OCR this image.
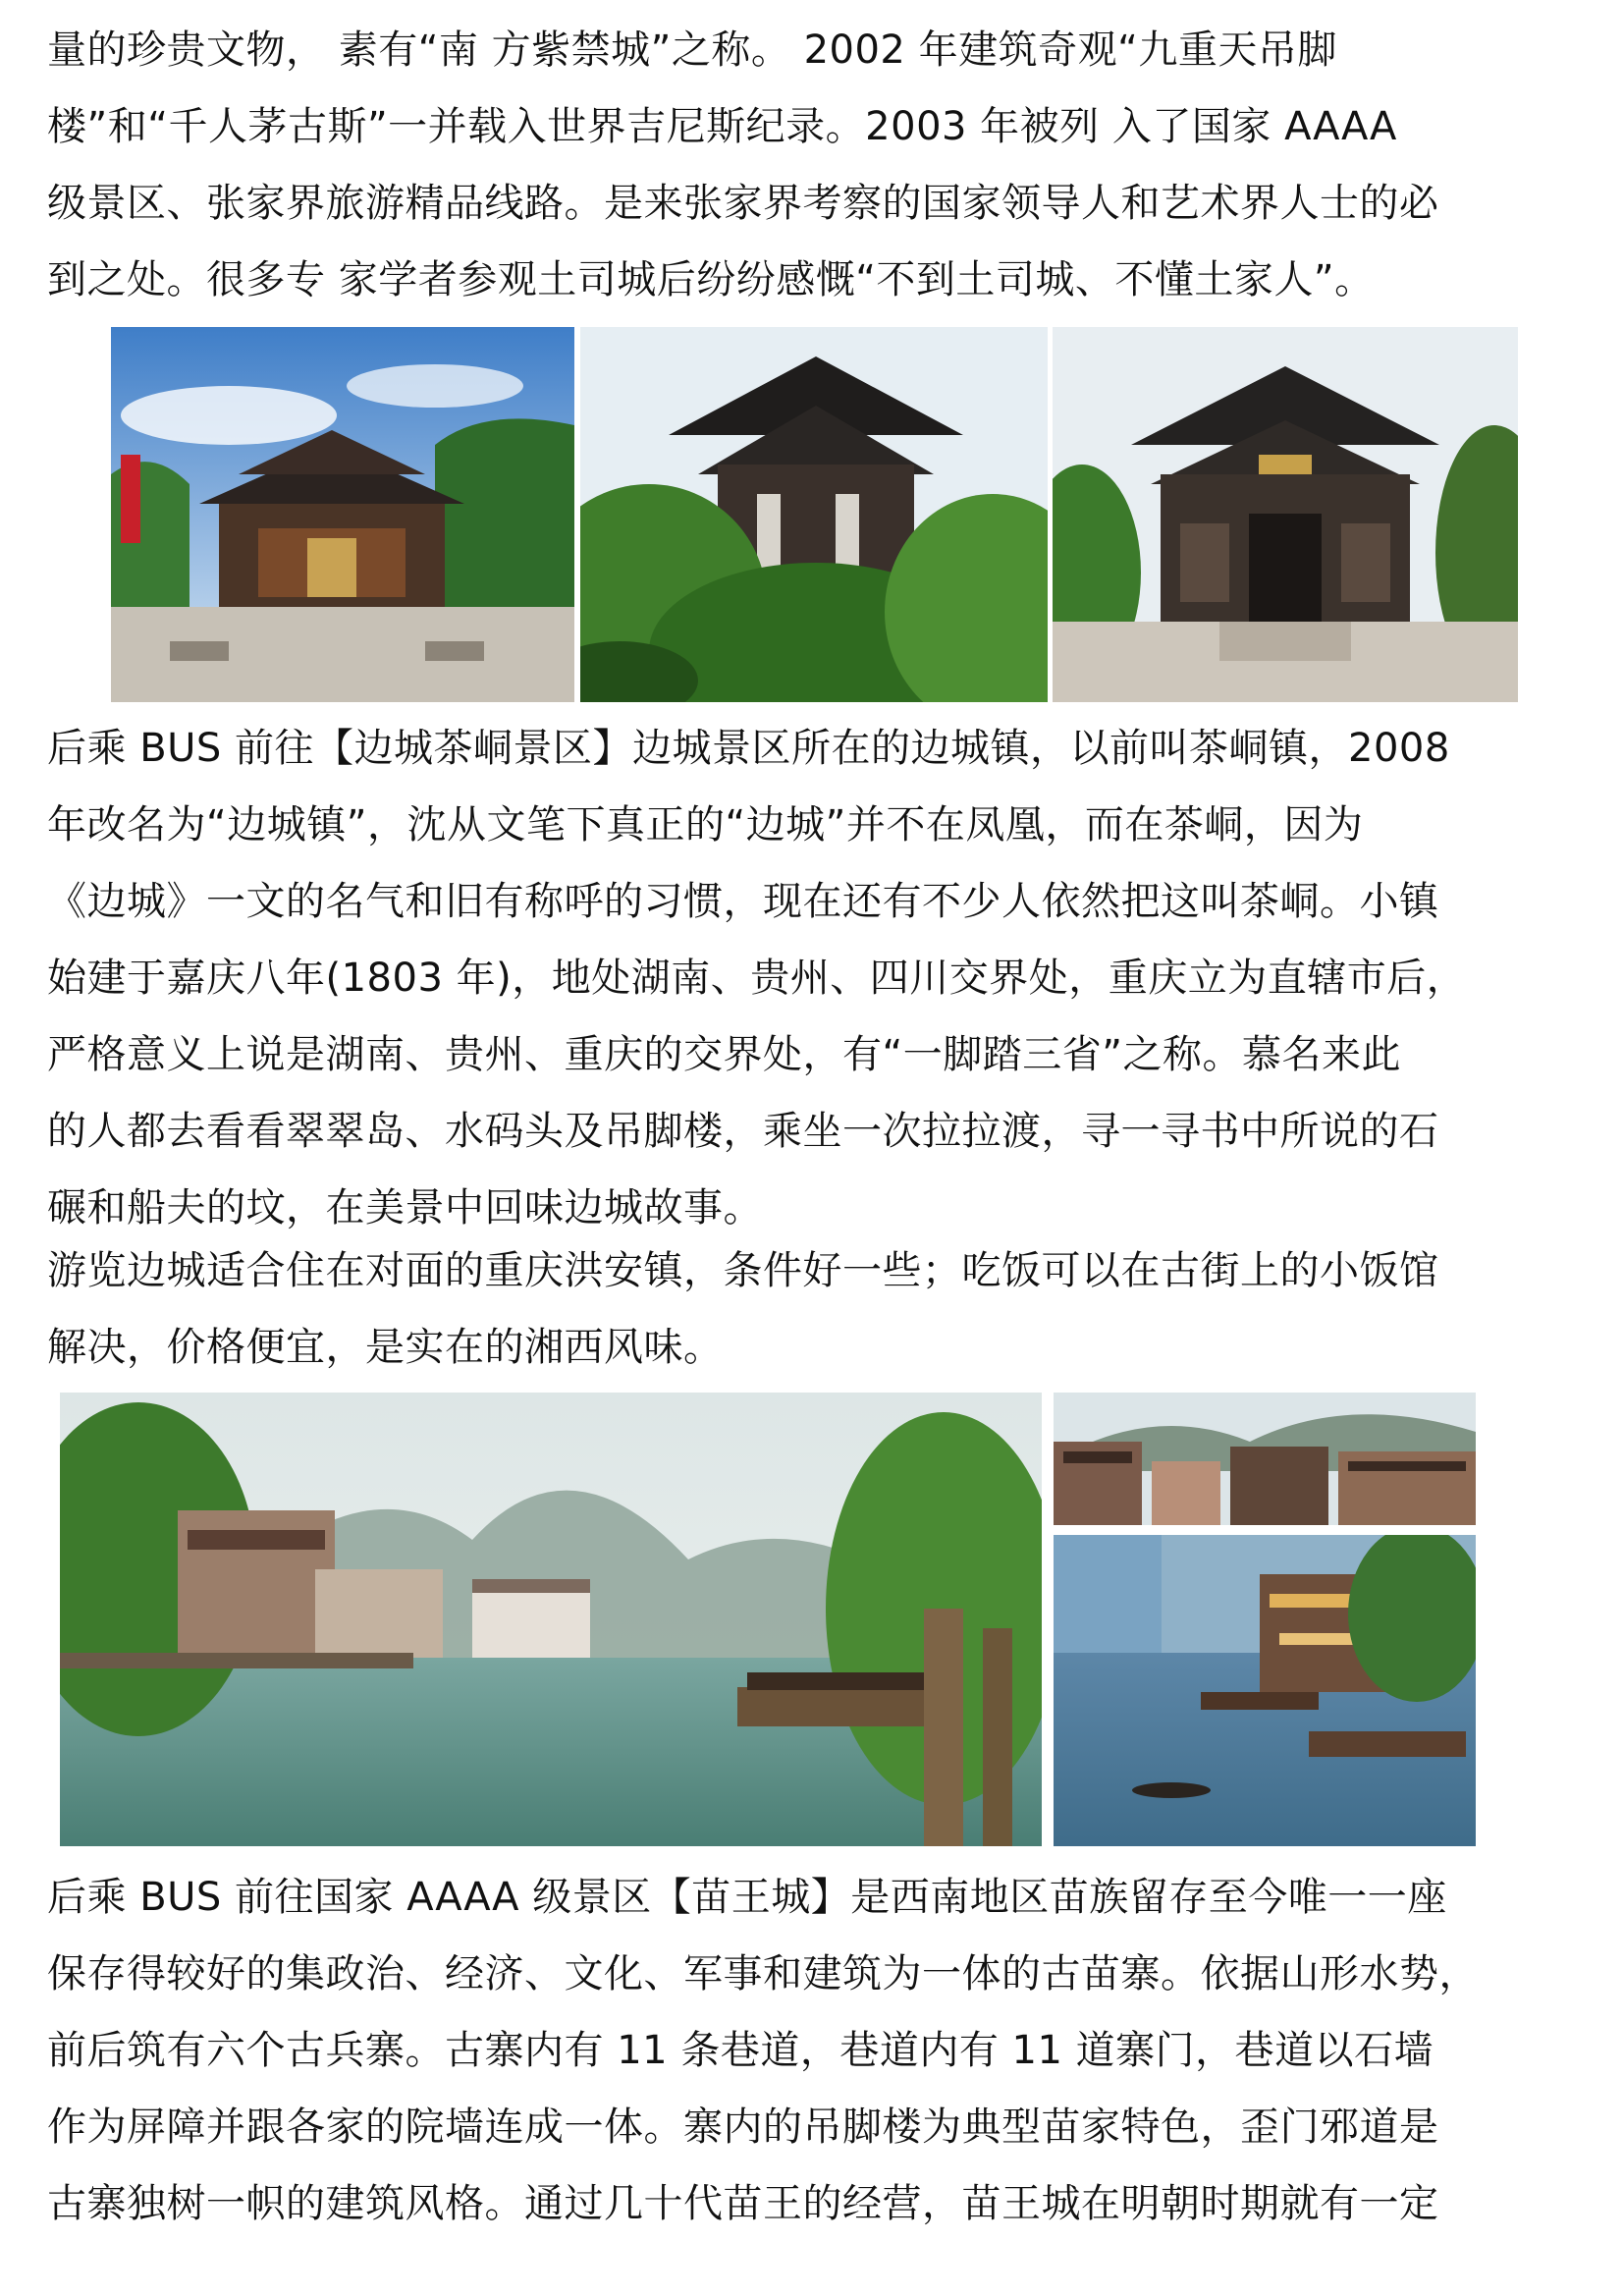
量的珍贵文物， 素有“南 方紫禁城”之称。 2002 年建筑奇观“九重天吊脚
楼”和“千人茅古斯”一并载入世界吉尼斯纪录。2003 年被列 入了国家 AAAA
级景区、张家界旅游精品线路。是来张家界考察的国家领导人和艺术界人士的必
到之处。很多专 家学者参观土司城后纷纷感慨“不到土司城、不懂土家人”。
后乘 BUS 前往【边城茶峒景区】边城景区所在的边城镇，以前叫茶峒镇，2008
年改名为“边城镇”，沈从文笔下真正的“边城”并不在凤凰，而在茶峒，因为
《边城》一文的名气和旧有称呼的习惯，现在还有不少人依然把这叫茶峒。小镇
始建于嘉庆八年(1803 年)，地处湖南、贵州、四川交界处，重庆立为直辖市后，
严格意义上说是湖南、贵州、重庆的交界处，有“一脚踏三省”之称。慕名来此
的人都去看看翠翠岛、水码头及吊脚楼，乘坐一次拉拉渡，寻一寻书中所说的石
碾和船夫的坟，在美景中回味边城故事。
游览边城适合住在对面的重庆洪安镇，条件好一些；吃饭可以在古街上的小饭馆
解决，价格便宜，是实在的湘西风味。
后乘 BUS 前往国家 AAAA 级景区【苗王城】是西南地区苗族留存至今唯一一座
保存得较好的集政治、经济、文化、军事和建筑为一体的古苗寨。依据山形水势，
前后筑有六个古兵寨。古寨内有 11 条巷道，巷道内有 11 道寨门，巷道以石墙
作为屏障并跟各家的院墙连成一体。寨内的吊脚楼为典型苗家特色，歪门邪道是
古寨独树一帜的建筑风格。通过几十代苗王的经营，苗王城在明朝时期就有一定
